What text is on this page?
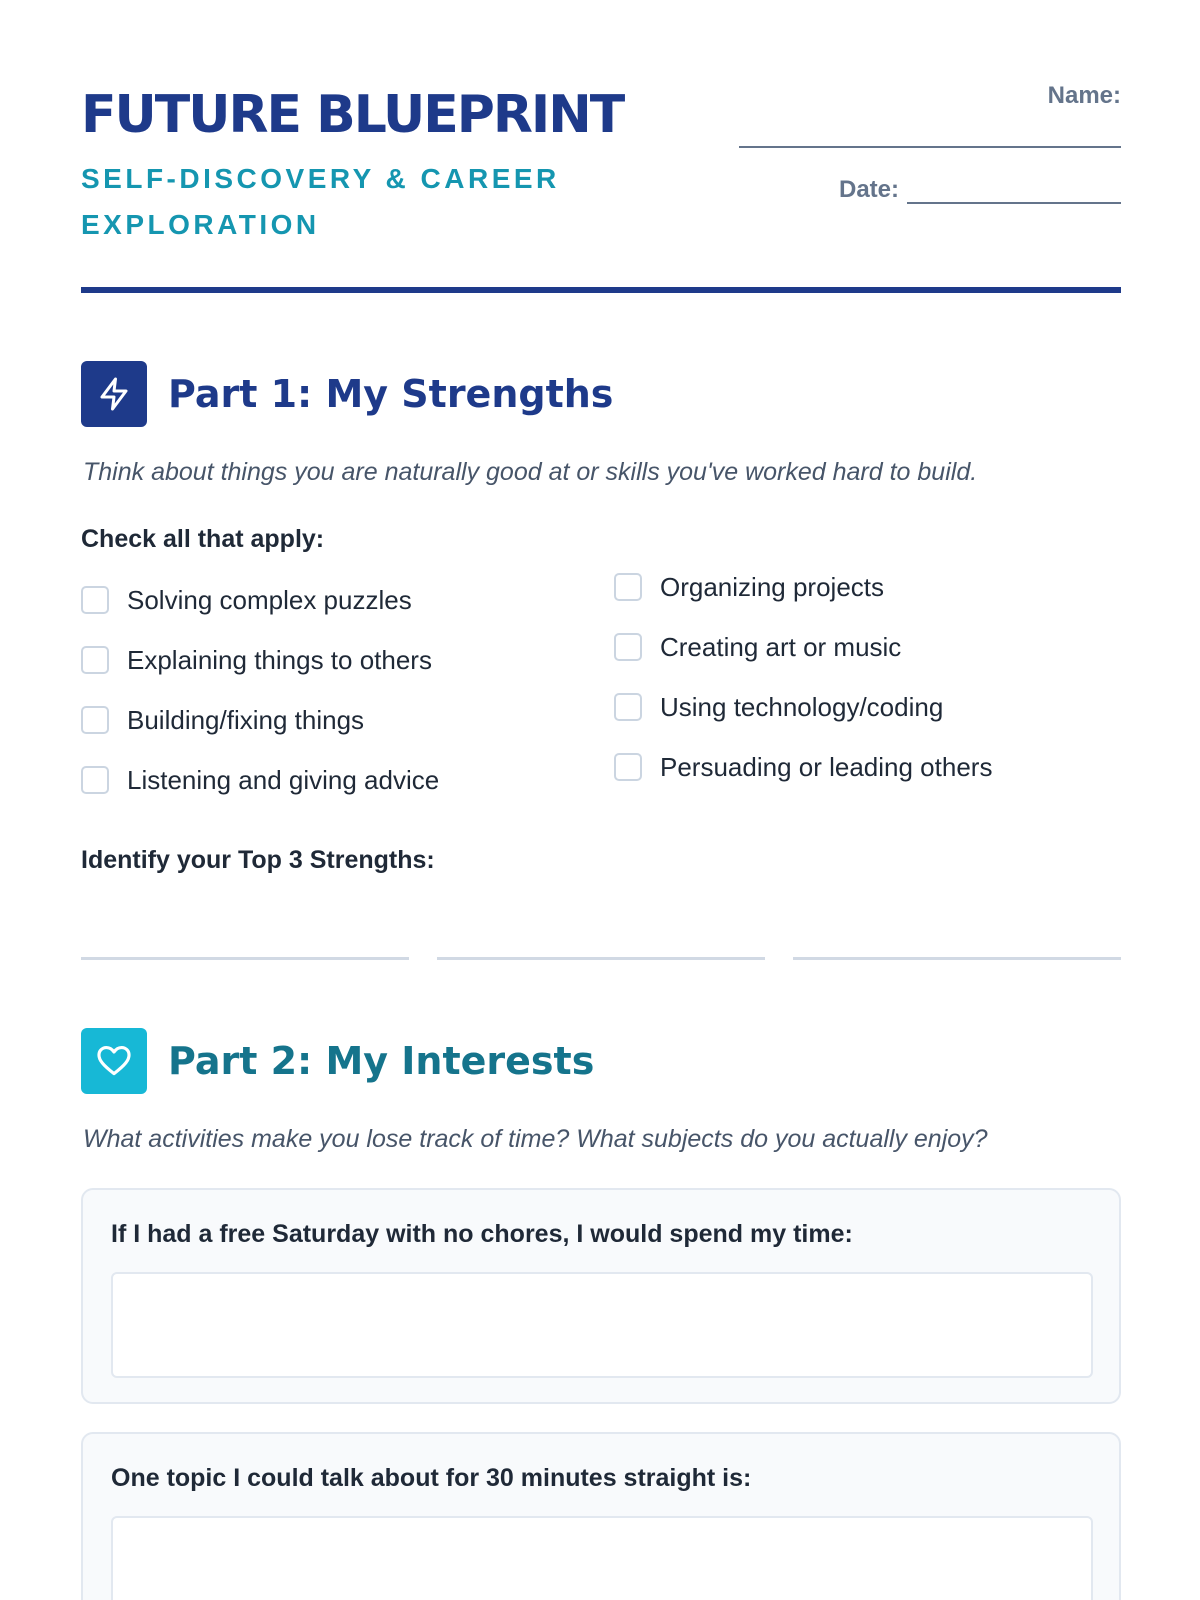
FUTURE BLUEPRINT
SELF-DISCOVERY & CAREER EXPLORATION
Name:
Date:
Part 1: My Strengths
Think about things you are naturally good at or skills you've worked hard to build.
Check all that apply:
Solving complex puzzles
Explaining things to others
Building/fixing things
Listening and giving advice
Organizing projects
Creating art or music
Using technology/coding
Persuading or leading others
Identify your Top 3 Strengths:
Part 2: My Interests
What activities make you lose track of time? What subjects do you actually enjoy?
If I had a free Saturday with no chores, I would spend my time:
One topic I could talk about for 30 minutes straight is:
